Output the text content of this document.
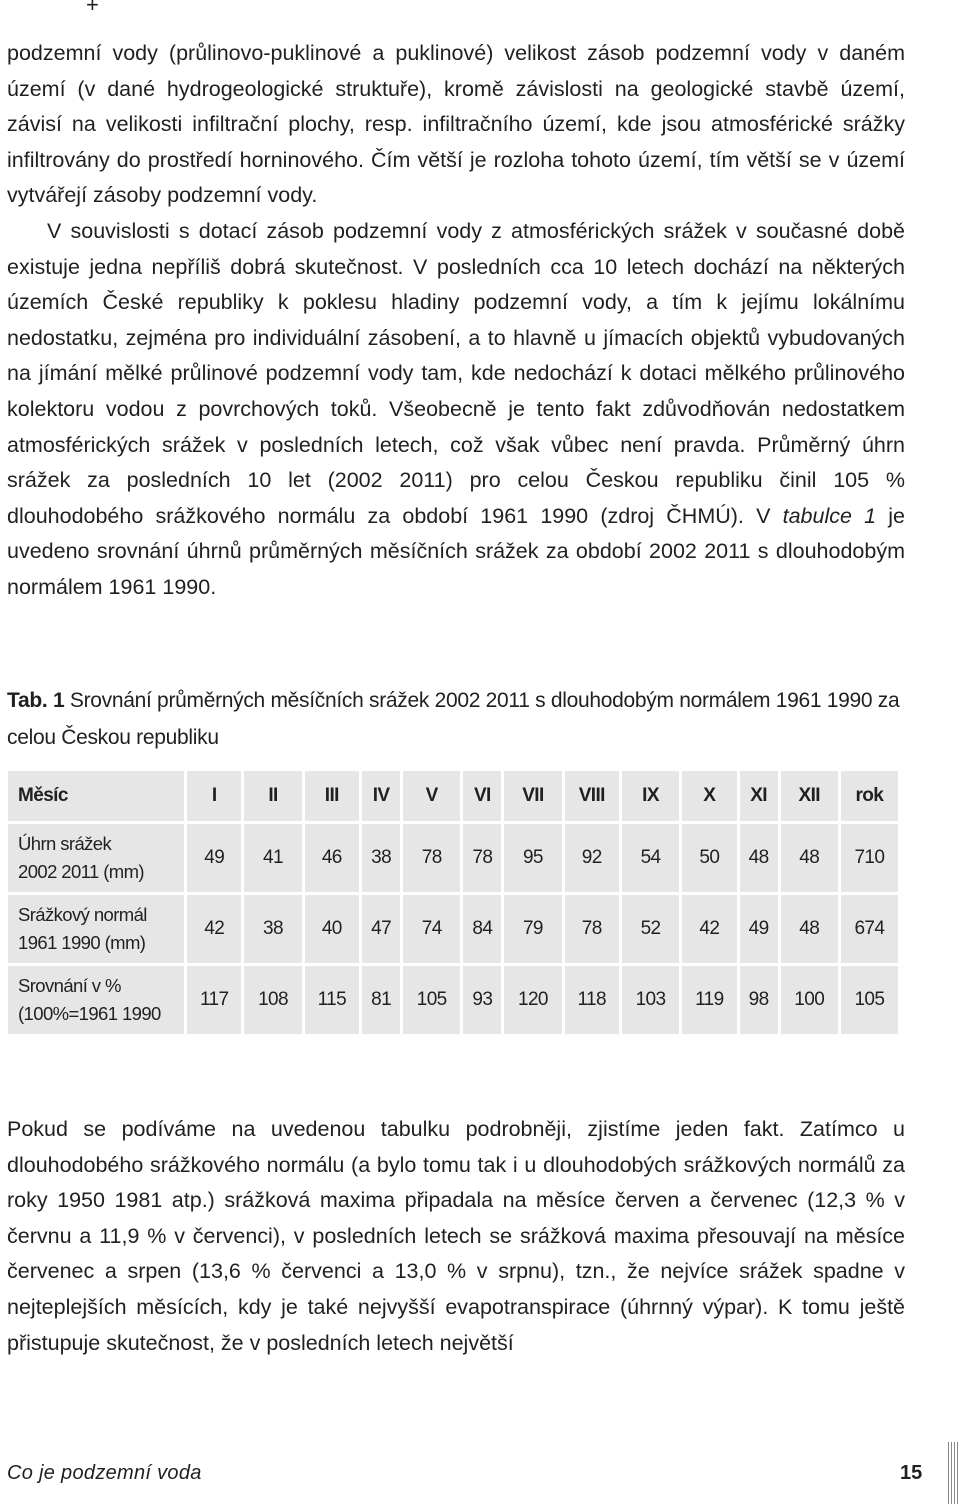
+

podzemní vody (průlinovo-puklinové a puklinové) velikost zásob podzemní vody v daném území (v dané hydrogeologické struktuře), kromě závislosti na geologické stavbě území, závisí na velikosti infiltrační plochy, resp. infiltračního území, kde jsou atmosférické srážky infiltrovány do prostředí horninového. Čím větší je rozloha tohoto území, tím větší se v území vytvářejí zásoby podzemní vody.

V souvislosti s dotací zásob podzemní vody z atmosférických srážek v současné době existuje jedna nepříliš dobrá skutečnost. V posledních cca 10 letech dochází na některých územích České republiky k poklesu hladiny podzemní vody, a tím k jejímu lokálnímu nedostatku, zejména pro individuální zásobení, a to hlavně u jímacích objektů vybudovaných na jímání mělké průlinové podzemní vody tam, kde nedochází k dotaci mělkého průlinového kolektoru vodou z povrchových toků. Všeobecně je tento fakt zdůvodňován nedostatkem atmosférických srážek v posledních letech, což však vůbec není pravda. Průměrný úhrn srážek za posledních 10 let (2002 2011) pro celou Českou republiku činil 105 % dlouhodobého srážkového normálu za období 1961 1990 (zdroj ČHMÚ). V tabulce 1 je uvedeno srovnání úhrnů průměrných měsíčních srážek za období 2002 2011 s dlouhodobým normálem 1961 1990.

Tab. 1 Srovnání průměrných měsíčních srážek 2002 2011 s dlouhodobým normálem 1961 1990 za celou Českou republiku
Měsíc	I	II	III	IV	V	VI	VII	VIII	IX	X	XI	XII	rok
Úhrn srážek
2002 2011 (mm)	49	41	46	38	78	78	95	92	54	50	48	48	710
Srážkový normál
1961 1990 (mm)	42	38	40	47	74	84	79	78	52	42	49	48	674
Srovnání v %
(100%=1961 1990	117	108	115	81	105	93	120	118	103	119	98	100	105

Pokud se podíváme na uvedenou tabulku podrobněji, zjistíme jeden fakt. Zatímco u dlouhodobého srážkového normálu (a bylo tomu tak i u dlouhodobých srážkových normálů za roky 1950 1981 atp.) srážková maxima připadala na měsíce červen a červenec (12,3 % v červnu a 11,9 % v červenci), v posledních letech se srážková maxima přesouvají na měsíce červenec a srpen (13,6 % červenci a 13,0 % v srpnu), tzn., že nejvíce srážek spadne v nejteplejších měsících, kdy je také nejvyšší evapotranspirace (úhrnný výpar). K tomu ještě přistupuje skutečnost, že v posledních letech největší

Co je podzemní voda	15
